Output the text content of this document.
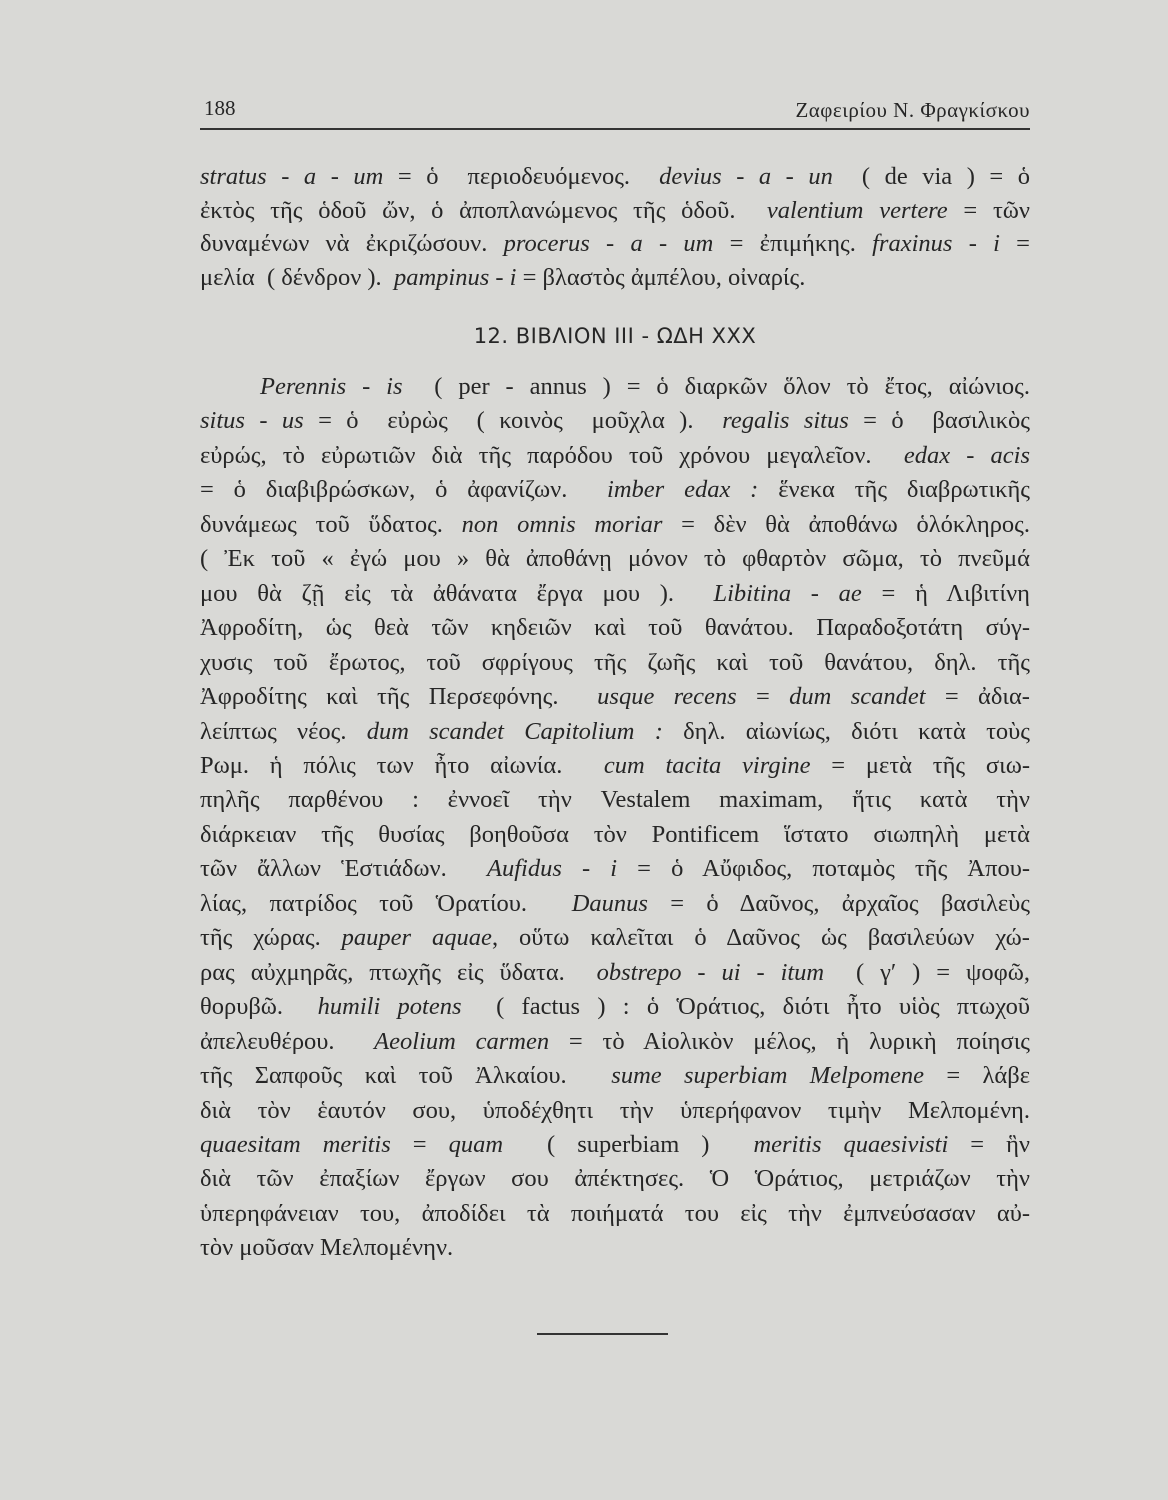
188	Ζαφειρίου Ν. Φραγκίσκου
stratus - a - um = ὁ  περιοδευόμενος.  devius - a - un  ( de via ) = ὁ
ἐκτὸς τῆς ὁδοῦ ὤν, ὁ ἀποπλανώμενος τῆς ὁδοῦ.  valentium vertere = τῶν
δυναμένων νὰ ἐκριζώσουν. procerus - a - um = ἐπιμήκης. fraxinus - i =
μελία  ( δένδρον ).  pampinus - i = βλαστὸς ἀμπέλου, οἰναρίς.
12. ΒΙΒΛΙΟΝ III - ΩΔΗ XXX
Perennis - is  ( per - annus ) = ὁ διαρκῶν ὅλον τὸ ἔτος, αἰώνιος.
situs - us = ὁ  εὐρὼς  ( κοινὸς  μοῦχλα ).  regalis situs = ὁ  βασιλικὸς
εὐρώς, τὸ εὐρωτιῶν διὰ τῆς παρόδου τοῦ χρόνου μεγαλεῖον.  edax - acis
= ὁ διαβιβρώσκων, ὁ ἀφανίζων.  imber edax : ἕνεκα τῆς διαβρωτικῆς
δυνάμεως τοῦ ὕδατος. non omnis moriar = δὲν θὰ ἀποθάνω ὁλόκληρος.
( Ἐκ τοῦ « ἐγώ μου » θὰ ἀποθάνῃ μόνον τὸ φθαρτὸν σῶμα, τὸ πνεῦμά
μου θὰ ζῇ εἰς τὰ ἀθάνατα ἔργα μου ).  Libitina - ae = ἡ Λιβιτίνη
Ἀφροδίτη, ὡς θεὰ τῶν κηδειῶν καὶ τοῦ θανάτου. Παραδοξοτάτη σύγ-
χυσις τοῦ ἔρωτος, τοῦ σφρίγους τῆς ζωῆς καὶ τοῦ θανάτου, δηλ. τῆς
Ἀφροδίτης καὶ τῆς Περσεφόνης.  usque recens = dum scandet = ἀδια-
λείπτως νέος. dum scandet Capitolium : δηλ. αἰωνίως, διότι κατὰ τοὺς
Ρωμ. ἡ πόλις των ἦτο αἰωνία.  cum tacita virgine = μετὰ τῆς σιω-
πηλῆς παρθένου : ἐννοεῖ τὴν Vestalem maximam, ἥτις κατὰ τὴν
διάρκειαν τῆς θυσίας βοηθοῦσα τὸν Pontificem ἵστατο σιωπηλὴ μετὰ
τῶν ἄλλων Ἑστιάδων.  Aufidus - i = ὁ Αὔφιδος, ποταμὸς τῆς Ἀπου-
λίας, πατρίδος τοῦ Ὁρατίου.  Daunus = ὁ Δαῦνος, ἀρχαῖος βασιλεὺς
τῆς χώρας. pauper aquae, οὕτω καλεῖται ὁ Δαῦνος ὡς βασιλεύων χώ-
ρας αὐχμηρᾶς, πτωχῆς εἰς ὕδατα.  obstrepo - ui - itum  ( γ′ ) = ψοφῶ,
θορυβῶ.  humili potens  ( factus ) : ὁ Ὁράτιος, διότι ἦτο υἱὸς πτωχοῦ
ἀπελευθέρου.  Aeolium carmen = τὸ Αἰολικὸν μέλος, ἡ λυρικὴ ποίησις
τῆς Σαπφοῦς καὶ τοῦ Ἀλκαίου.  sume superbiam Melpomene = λάβε
διὰ τὸν ἑαυτόν σου, ὑποδέχθητι τὴν ὑπερήφανον τιμὴν Μελπομένη.
quaesitam meritis = quam  ( superbiam )  meritis quaesivisti = ἣν
διὰ τῶν ἐπαξίων ἔργων σου ἀπέκτησες. Ὁ Ὁράτιος, μετριάζων τὴν
ὑπερηφάνειαν του, ἀποδίδει τὰ ποιήματά του εἰς τὴν ἐμπνεύσασαν αὐ-
τὸν μοῦσαν Μελπομένην.
